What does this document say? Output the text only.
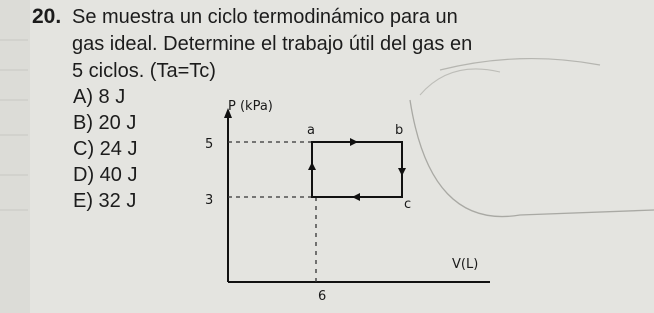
20. Se muestra un ciclo termodinámico para un
gas ideal. Determine el trabajo útil del gas en
5 ciclos. (Ta=Tc)
A) 8 J
B) 20 J
C) 24 J
D) 40 J
E) 32 J
P (kPa)
5
3
6
a	b
c
V(L)
